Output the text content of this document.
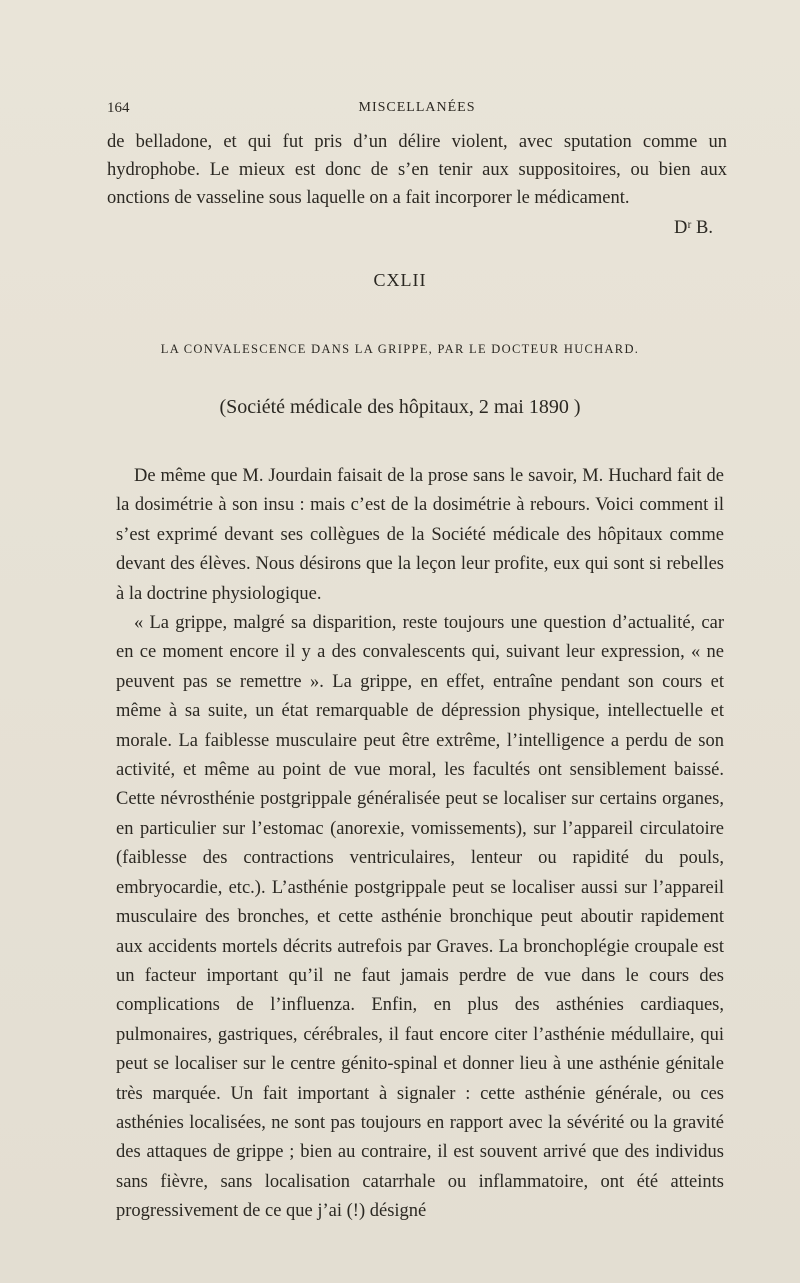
164	MISCELLANÉES

de belladone, et qui fut pris d’un délire violent, avec sputation comme un hydrophobe. Le mieux est donc de s’en tenir aux suppositoires, ou bien aux onctions de vasseline sous laquelle on a fait incorporer le médicament.

Dʳ B.

CXLII
LA CONVALESCENCE DANS LA GRIPPE, PAR LE DOCTEUR HUCHARD.
(Société médicale des hôpitaux, 2 mai 1890 )

De même que M. Jourdain faisait de la prose sans le savoir, M. Huchard fait de la dosimétrie à son insu : mais c’est de la dosimétrie à rebours. Voici comment il s’est exprimé devant ses collègues de la Société médicale des hôpitaux comme devant des élèves. Nous désirons que la leçon leur profite, eux qui sont si rebelles à la doctrine physiologique.

« La grippe, malgré sa disparition, reste toujours une question d’actualité, car en ce moment encore il y a des convalescents qui, suivant leur expression, « ne peuvent pas se remettre ». La grippe, en effet, entraîne pendant son cours et même à sa suite, un état remarquable de dépression physique, intellectuelle et morale. La faiblesse musculaire peut être extrême, l’intelligence a perdu de son activité, et même au point de vue moral, les facultés ont sensiblement baissé. Cette névrosthénie postgrippale généralisée peut se localiser sur certains organes, en particulier sur l’estomac (anorexie, vomissements), sur l’appareil circulatoire (faiblesse des contractions ventriculaires, lenteur ou rapidité du pouls, embryocardie, etc.). L’asthénie postgrippale peut se localiser aussi sur l’appareil musculaire des bronches, et cette asthénie bronchique peut aboutir rapidement aux accidents mortels décrits autrefois par Graves. La bronchoplégie croupale est un facteur important qu’il ne faut jamais perdre de vue dans le cours des complications de l’influenza. Enfin, en plus des asthénies cardiaques, pulmonaires, gastriques, cérébrales, il faut encore citer l’asthénie médullaire, qui peut se localiser sur le centre génito-spinal et donner lieu à une asthénie génitale très marquée. Un fait important à signaler : cette asthénie générale, ou ces asthénies localisées, ne sont pas toujours en rapport avec la sévérité ou la gravité des attaques de grippe ; bien au contraire, il est souvent arrivé que des individus sans fièvre, sans localisation catarrhale ou inflammatoire, ont été atteints progressivement de ce que j’ai (!) désigné
